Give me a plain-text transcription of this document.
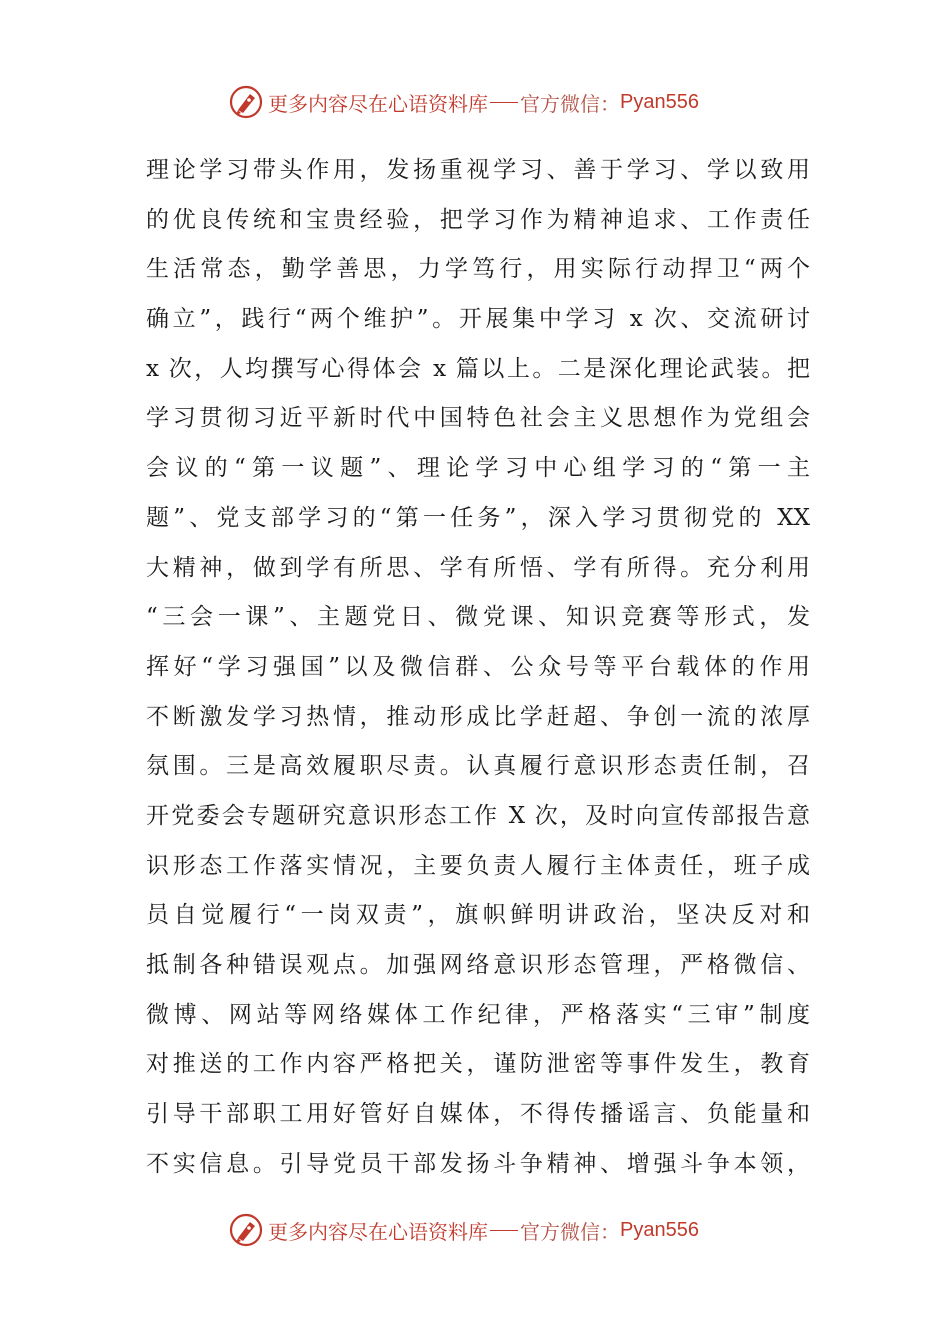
更多内容尽在心语资料库 官方微信： Pyan556
理论学习带头作用，发扬重视学习、善于学习、学以致用
的优良传统和宝贵经验，把学习作为精神追求、工作责任
生活常态，勤学善思，力学笃行，用实际行动捍卫“两个
确立”，践行“两个维护”。开展集中学习 x 次、交流研讨
x 次，人均撰写心得体会 x 篇以上。二是深化理论武装。把
学习贯彻习近平新时代中国特色社会主义思想作为党组会
会议的“第一议题”、理论学习中心组学习的“第一主
题”、党支部学习的“第一任务”，深入学习贯彻党的 XX
大精神，做到学有所思、学有所悟、学有所得。充分利用
“三会一课”、主题党日、微党课、知识竞赛等形式，发
挥好“学习强国”以及微信群、公众号等平台载体的作用
不断激发学习热情，推动形成比学赶超、争创一流的浓厚
氛围。三是高效履职尽责。认真履行意识形态责任制，召
开党委会专题研究意识形态工作 X 次，及时向宣传部报告意
识形态工作落实情况，主要负责人履行主体责任，班子成
员自觉履行“一岗双责”，旗帜鲜明讲政治，坚决反对和
抵制各种错误观点。加强网络意识形态管理，严格微信、
微博、网站等网络媒体工作纪律，严格落实“三审”制度
对推送的工作内容严格把关，谨防泄密等事件发生，教育
引导干部职工用好管好自媒体，不得传播谣言、负能量和
不实信息。引导党员干部发扬斗争精神、增强斗争本领，
更多内容尽在心语资料库 官方微信： Pyan556
